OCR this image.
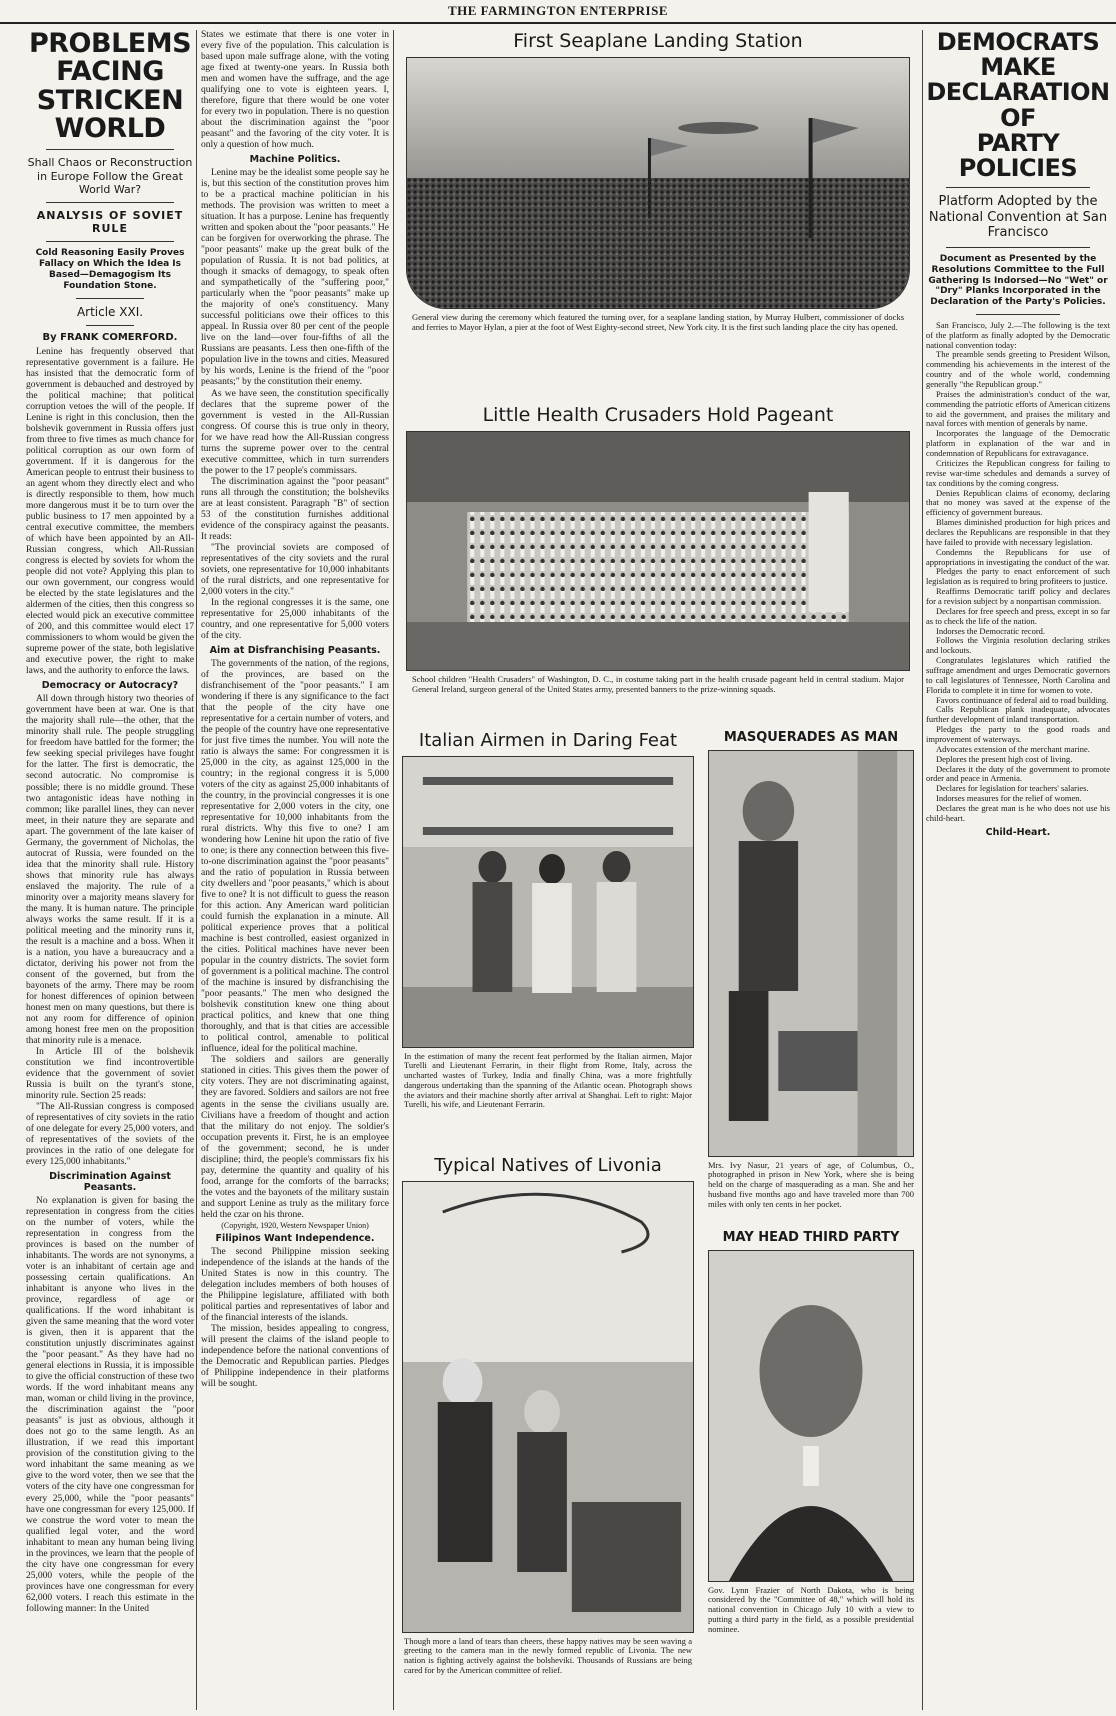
THE FARMINGTON ENTERPRISE
PROBLEMS FACING
STRICKEN WORLD
Shall Chaos or Reconstruction in Europe Follow the Great World War?
ANALYSIS OF SOVIET RULE
Cold Reasoning Easily Proves Fallacy on Which the Idea Is Based—Demagogism Its Foundation Stone.
Article XXI.
By FRANK COMERFORD.

Lenine has frequently observed that representative government is a failure. He has insisted that the democratic form of government is debauched and destroyed by the political machine; that political corruption vetoes the will of the people. If Lenine is right in this conclusion, then the bolshevik government in Russia offers just from three to five times as much chance for political corruption as our own form of government. If it is dangerous for the American people to entrust their business to an agent whom they directly elect and who is directly responsible to them, how much more dangerous must it be to turn over the public business to 17 men appointed by a central executive committee, the members of which have been appointed by an All-Russian congress, which All-Russian congress is elected by soviets for whom the people did not vote? Applying this plan to our own government, our congress would be elected by the state legislatures and the aldermen of the cities, then this congress so elected would pick an executive committee of 200, and this committee would elect 17 commissioners to whom would be given the supreme power of the state, both legislative and executive power, the right to make laws, and the authority to enforce the laws.

Democracy or Autocracy?

All down through history two theories of government have been at war. One is that the majority shall rule—the other, that the minority shall rule. The people struggling for freedom have battled for the former; the few seeking special privileges have fought for the latter. The first is democratic, the second autocratic. No compromise is possible; there is no middle ground. These two antagonistic ideas have nothing in common; like parallel lines, they can never meet, in their nature they are separate and apart. The government of the late kaiser of Germany, the government of Nicholas, the autocrat of Russia, were founded on the idea that the minority shall rule. History shows that minority rule has always enslaved the majority. The rule of a minority over a majority means slavery for the many. It is human nature. The principle always works the same result. If it is a political meeting and the minority runs it, the result is a machine and a boss. When it is a nation, you have a bureaucracy and a dictator, deriving his power not from the consent of the governed, but from the bayonets of the army. There may be room for honest differences of opinion between honest men on many questions, but there is not any room for difference of opinion among honest free men on the proposition that minority rule is a menace.

In Article III of the bolshevik constitution we find incontrovertible evidence that the government of soviet Russia is built on the tyrant's stone, minority rule. Section 25 reads:

"The All-Russian congress is composed of representatives of city soviets in the ratio of one delegate for every 25,000 voters, and of representatives of the soviets of the provinces in the ratio of one delegate for every 125,000 inhabitants."

Discrimination Against Peasants.

No explanation is given for basing the representation in congress from the cities on the number of voters, while the representation in congress from the provinces is based on the number of inhabitants. The words are not synonyms, a voter is an inhabitant of certain age and possessing certain qualifications. An inhabitant is anyone who lives in the province, regardless of age or qualifications. If the word inhabitant is given the same meaning that the word voter is given, then it is apparent that the constitution unjustly discriminates against the "poor peasant." As they have had no general elections in Russia, it is impossible to give the official construction of these two words. If the word inhabitant means any man, woman or child living in the province, the discrimination against the "poor peasants" is just as obvious, although it does not go to the same length. As an illustration, if we read this important provision of the constitution giving to the word inhabitant the same meaning as we give to the word voter, then we see that the voters of the city have one congressman for every 25,000, while the "poor peasants" have one congressman for every 125,000. If we construe the word voter to mean the qualified legal voter, and the word inhabitant to mean any human being living in the provinces, we learn that the people of the city have one congressman for every 25,000 voters, while the people of the provinces have one congressman for every 62,000 voters. I reach this estimate in the following manner: In the United

States we estimate that there is one voter in every five of the population. This calculation is based upon male suffrage alone, with the voting age fixed at twenty-one years. In Russia both men and women have the suffrage, and the age qualifying one to vote is eighteen years. I, therefore, figure that there would be one voter for every two in population. There is no question about the discrimination against the "poor peasant" and the favoring of the city voter. It is only a question of how much.

Machine Politics.

Lenine may be the idealist some people say he is, but this section of the constitution proves him to be a practical machine politician in his methods. The provision was written to meet a situation. It has a purpose. Lenine has frequently written and spoken about the "poor peasants." He can be forgiven for overworking the phrase. The "poor peasants" make up the great bulk of the population of Russia. It is not bad politics, at though it smacks of demagogy, to speak often and sympathetically of the "suffering poor," particularly when the "poor peasants" make up the majority of one's constituency. Many successful politicians owe their offices to this appeal. In Russia over 80 per cent of the people live on the land—over four-fifths of all the Russians are peasants. Less then one-fifth of the population live in the towns and cities. Measured by his words, Lenine is the friend of the "poor peasants;" by the constitution their enemy.

As we have seen, the constitution specifically declares that the supreme power of the government is vested in the All-Russian congress. Of course this is true only in theory, for we have read how the All-Russian congress turns the supreme power over to the central executive committee, which in turn surrenders the power to the 17 people's commissars.

The discrimination against the "poor peasant" runs all through the constitution; the bolsheviks are at least consistent. Paragraph "B" of section 53 of the constitution furnishes additional evidence of the conspiracy against the peasants. It reads:

"The provincial soviets are composed of representatives of the city soviets and the rural soviets, one representative for 10,000 inhabitants of the rural districts, and one representative for 2,000 voters in the city."

In the regional congresses it is the same, one representative for 25,000 inhabitants of the country, and one representative for 5,000 voters of the city.

Aim at Disfranchising Peasants.

The governments of the nation, of the regions, of the provinces, are based on the disfranchisement of the "poor peasants." I am wondering if there is any significance to the fact that the people of the city have one representative for a certain number of voters, and the people of the country have one representative for just five times the number. You will note the ratio is always the same: For congressmen it is 25,000 in the city, as against 125,000 in the country; in the regional congress it is 5,000 voters of the city as against 25,000 inhabitants of the country, in the provincial congresses it is one representative for 2,000 voters in the city, one representative for 10,000 inhabitants from the rural districts. Why this five to one? I am wondering how Lenine hit upon the ratio of five to one; is there any connection between this five-to-one discrimination against the "poor peasants" and the ratio of population in Russia between city dwellers and "poor peasants," which is about five to one? It is not difficult to guess the reason for this action. Any American ward politician could furnish the explanation in a minute. All political experience proves that a political machine is best controlled, easiest organized in the cities. Political machines have never been popular in the country districts. The soviet form of government is a political machine. The control of the machine is insured by disfranchising the "poor peasants." The men who designed the bolshevik constitution knew one thing about practical politics, and knew that one thing thoroughly, and that is that cities are accessible to political control, amenable to political influence, ideal for the political machine.

The soldiers and sailors are generally stationed in cities. This gives them the power of city voters. They are not discriminating against, they are favored. Soldiers and sailors are not free agents in the sense the civilians usually are. Civilians have a freedom of thought and action that the military do not enjoy. The soldier's occupation prevents it. First, he is an employee of the government; second, he is under discipline; third, the people's commissars fix his pay, determine the quantity and quality of his food, arrange for the comforts of the barracks; the votes and the bayonets of the military sustain and support Lenine as truly as the military force held the czar on his throne.

(Copyright, 1920, Western Newspaper Union)
Filipinos Want Independence.

The second Philippine mission seeking independence of the islands at the hands of the United States is now in this country. The delegation includes members of both houses of the Philippine legislature, affiliated with both political parties and representatives of labor and of the financial interests of the islands.

The mission, besides appealing to congress, will present the claims of the island people to independence before the national conventions of the Democratic and Republican parties. Pledges of Philippine independence in their platforms will be sought.

First Seaplane Landing Station
General view during the ceremony which featured the turning over, for a seaplane landing station, by Murray Hulbert, commissioner of docks and ferries to Mayor Hylan, a pier at the foot of West Eighty-second street, New York city. It is the first such landing place the city has opened.
Little Health Crusaders Hold Pageant
School children "Health Crusaders" of Washington, D. C., in costume taking part in the health crusade pageant held in central stadium. Major General Ireland, surgeon general of the United States army, presented banners to the prize-winning squads.
Italian Airmen in Daring Feat
In the estimation of many the recent feat performed by the Italian airmen, Major Turelli and Lieutenant Ferrarin, in their flight from Rome, Italy, across the uncharted wastes of Turkey, India and finally China, was a more frightfully dangerous undertaking than the spanning of the Atlantic ocean. Photograph shows the aviators and their machine shortly after arrival at Shanghai. Left to right: Major Turelli, his wife, and Lieutenant Ferrarin.
MASQUERADES AS MAN
Mrs. Ivy Nasur, 21 years of age, of Columbus, O., photographed in prison in New York, where she is being held on the charge of masquerading as a man. She and her husband five months ago and have traveled more than 700 miles with only ten cents in her pocket.
Typical Natives of Livonia
Though more a land of tears than cheers, these happy natives may be seen waving a greeting to the camera man in the newly formed republic of Livonia. The new nation is fighting actively against the bolsheviki. Thousands of Russians are being cared for by the American committee of relief.
MAY HEAD THIRD PARTY
Gov. Lynn Frazier of North Dakota, who is being considered by the "Committee of 48," which will hold its national convention in Chicago July 10 with a view to putting a third party in the field, as a possible presidential nominee.
DEMOCRATS MAKE
DECLARATION OF
PARTY POLICIES
Platform Adopted by the National Convention at San Francisco
Document as Presented by the Resolutions Committee to the Full Gathering Is Indorsed—No "Wet" or "Dry" Planks Incorporated in the Declaration of the Party's Policies.

San Francisco, July 2.—The following is the text of the platform as finally adopted by the Democratic national convention today:

The preamble sends greeting to President Wilson, commending his achievements in the interest of the country and of the whole world, condemning generally "the Republican group."

Praises the administration's conduct of the war, commending the patriotic efforts of American citizens to aid the government, and praises the military and naval forces with mention of generals by name.

Incorporates the language of the Democratic platform in explanation of the war and in condemnation of Republicans for extravagance.

Criticizes the Republican congress for failing to revise war-time schedules and demands a survey of tax conditions by the coming congress.

Denies Republican claims of economy, declaring that no money was saved at the expense of the efficiency of government bureaus.

Blames diminished production for high prices and declares the Republicans are responsible in that they have failed to provide with necessary legislation.

Condemns the Republicans for use of appropriations in investigating the conduct of the war.

Pledges the party to enact enforcement of such legislation as is required to bring profiteers to justice.

Reaffirms Democratic tariff policy and declares for a revision subject by a nonpartisan commission.

Declares for free speech and press, except in so far as to check the life of the nation.

Indorses the Democratic record.

Follows the Virginia resolution declaring strikes and lockouts.

Congratulates legislatures which ratified the suffrage amendment and urges Democratic governors to call legislatures of Tennessee, North Carolina and Florida to complete it in time for women to vote.

Favors continuance of federal aid to road building.

Calls Republican plank inadequate, advocates further development of inland transportation.

Pledges the party to the good roads and improvement of waterways.

Advocates extension of the merchant marine.

Deplores the present high cost of living.

Declares it the duty of the government to promote order and peace in Armenia.

Declares for legislation for teachers' salaries.

Indorses measures for the relief of women.

Declares the great man is he who does not use his child-heart.

Child-Heart.
